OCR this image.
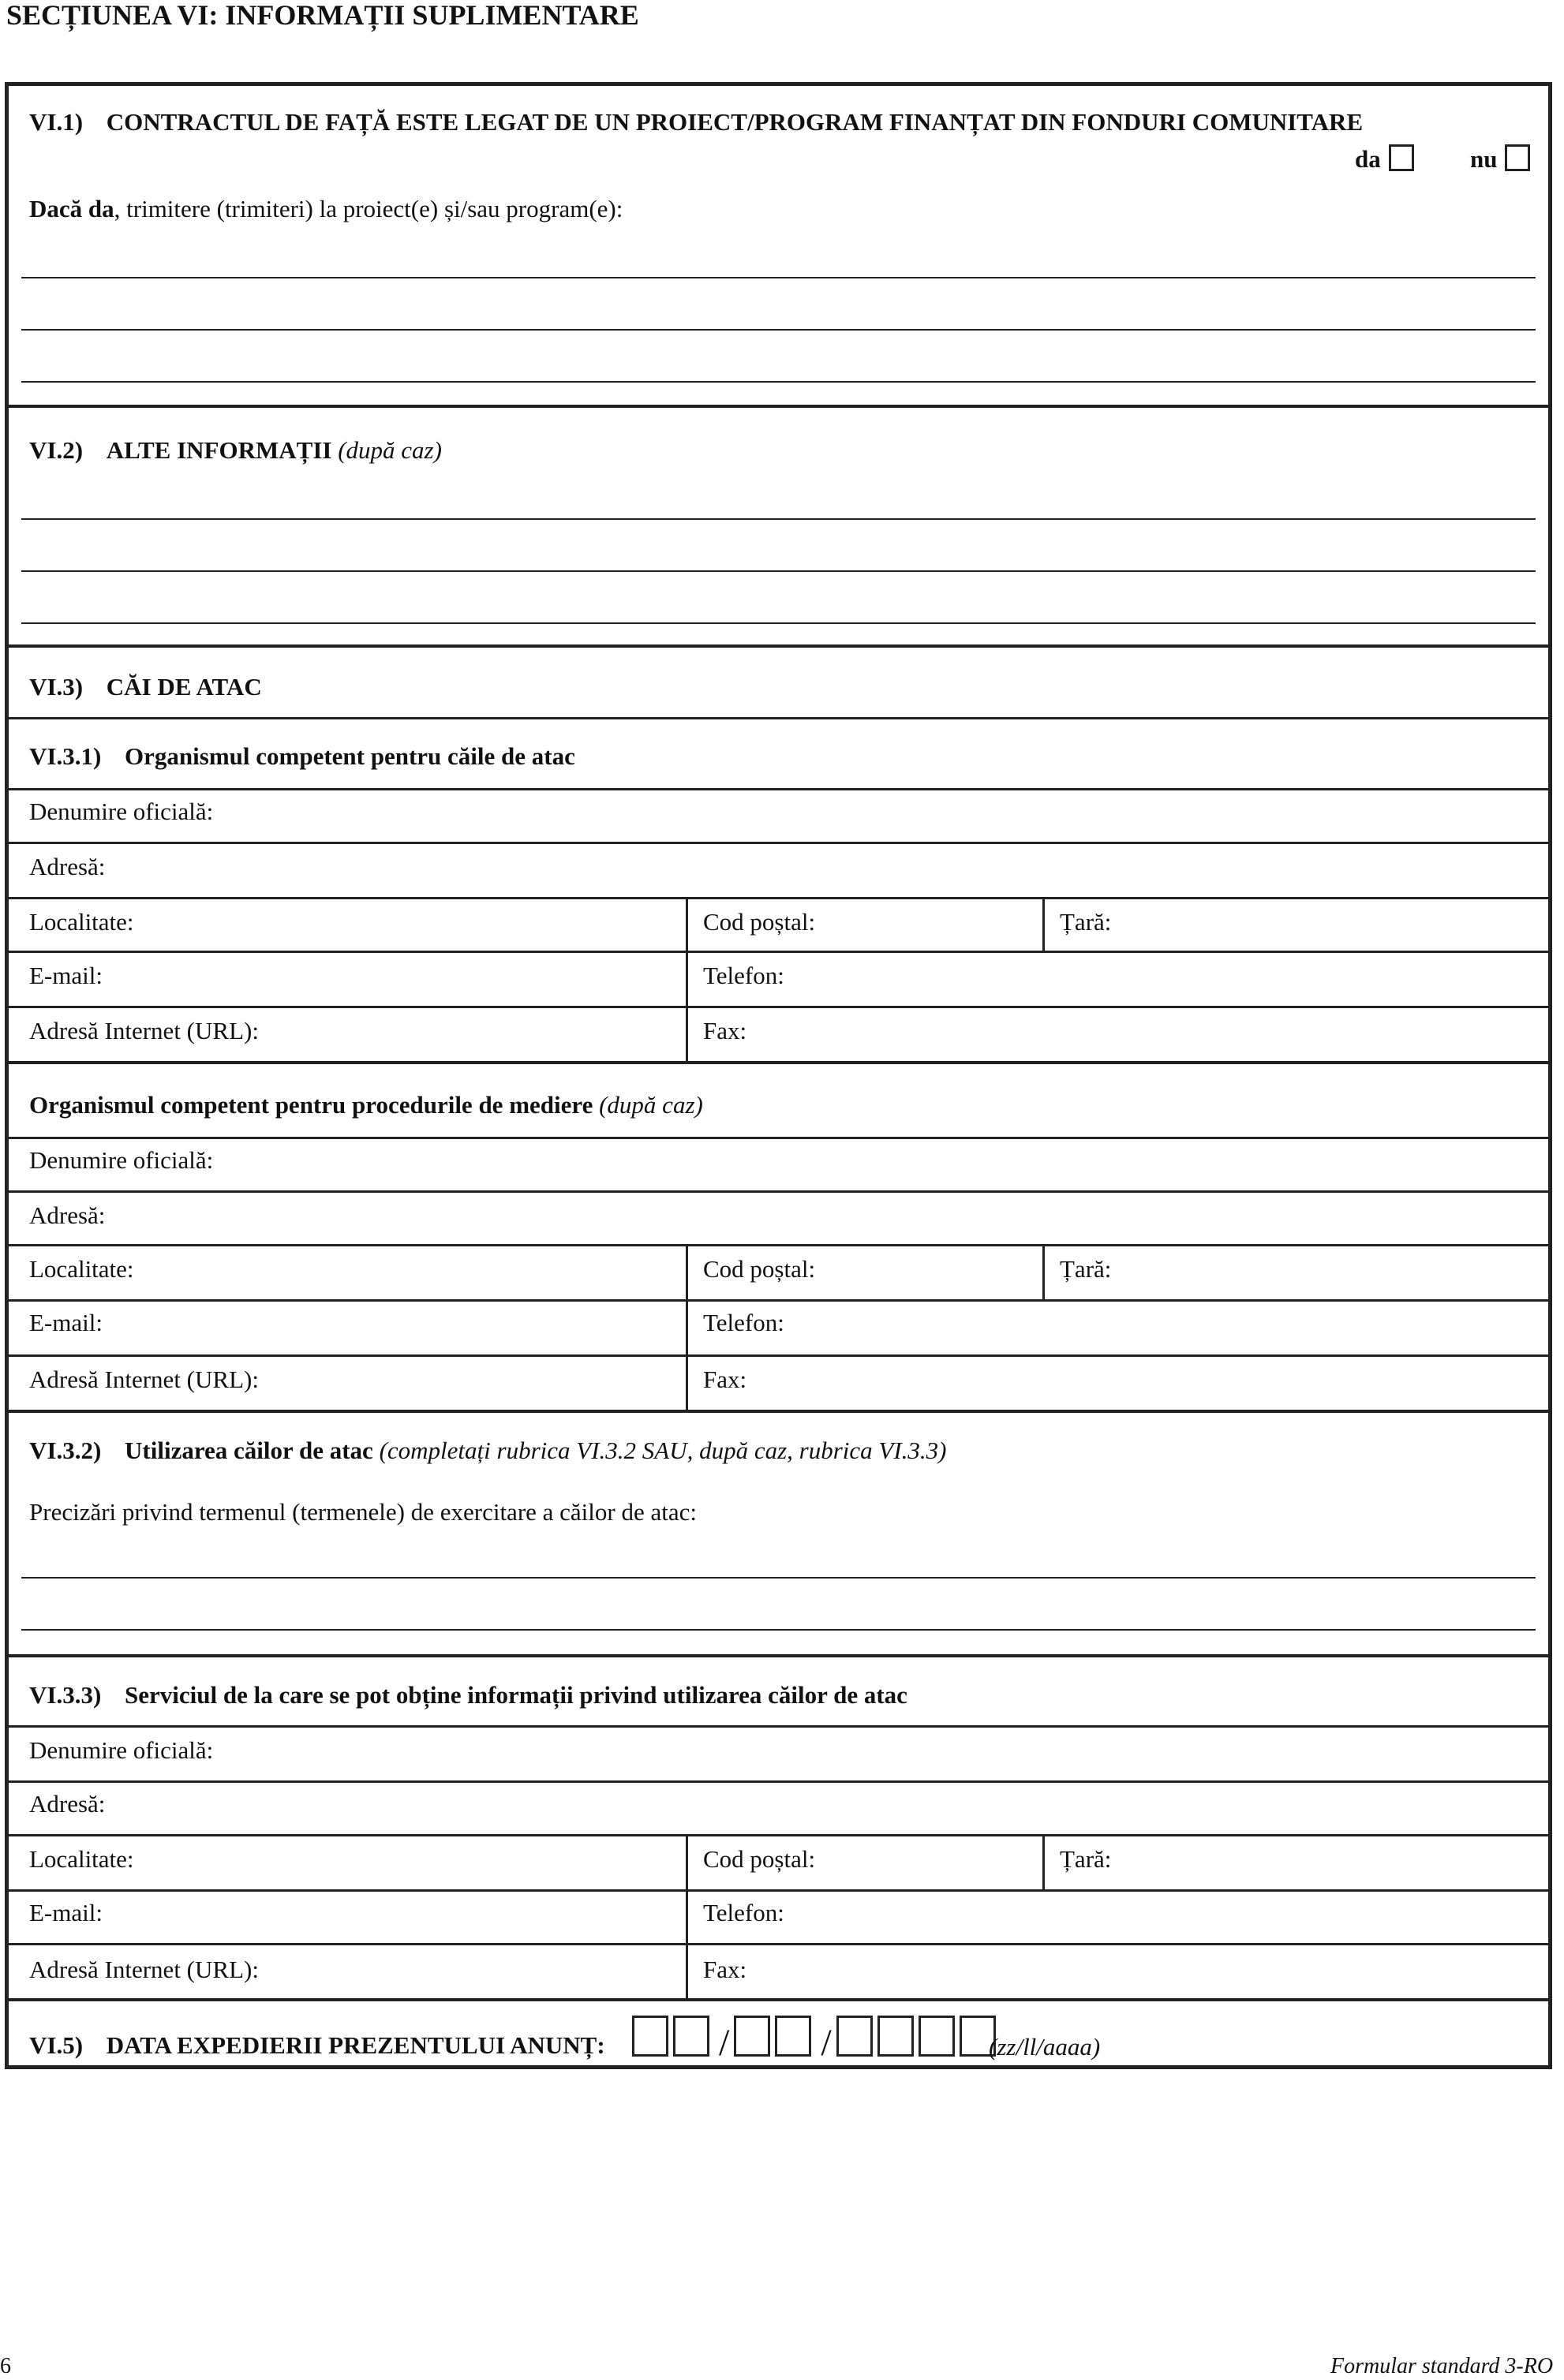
SECȚIUNEA VI: INFORMAȚII SUPLIMENTARE
VI.1) CONTRACTUL DE FAȚĂ ESTE LEGAT DE UN PROIECT/PROGRAM FINANȚAT DIN FONDURI COMUNITARE
da	nu
Dacă da, trimitere (trimiteri) la proiect(e) și/sau program(e):
VI.2) ALTE INFORMAȚII (după caz)
VI.3) CĂI DE ATAC
VI.3.1) Organismul competent pentru căile de atac
Denumire oficială:
Adresă:
Localitate:	Cod poștal:	Țară:
E-mail:	Telefon:
Adresă Internet (URL):	Fax:
Organismul competent pentru procedurile de mediere (după caz)
Denumire oficială:
Adresă:
Localitate:	Cod poștal:	Țară:
E-mail:	Telefon:
Adresă Internet (URL):	Fax:
VI.3.2) Utilizarea căilor de atac (completați rubrica VI.3.2 SAU, după caz, rubrica VI.3.3)
Precizări privind termenul (termenele) de exercitare a căilor de atac:
VI.3.3) Serviciul de la care se pot obține informații privind utilizarea căilor de atac
Denumire oficială:
Adresă:
Localitate:	Cod poștal:	Țară:
E-mail:	Telefon:
Adresă Internet (URL):	Fax:
VI.5) DATA EXPEDIERII PREZENTULUI ANUNȚ:	/ /	(zz/ll/aaaa)
6	Formular standard 3-RO
